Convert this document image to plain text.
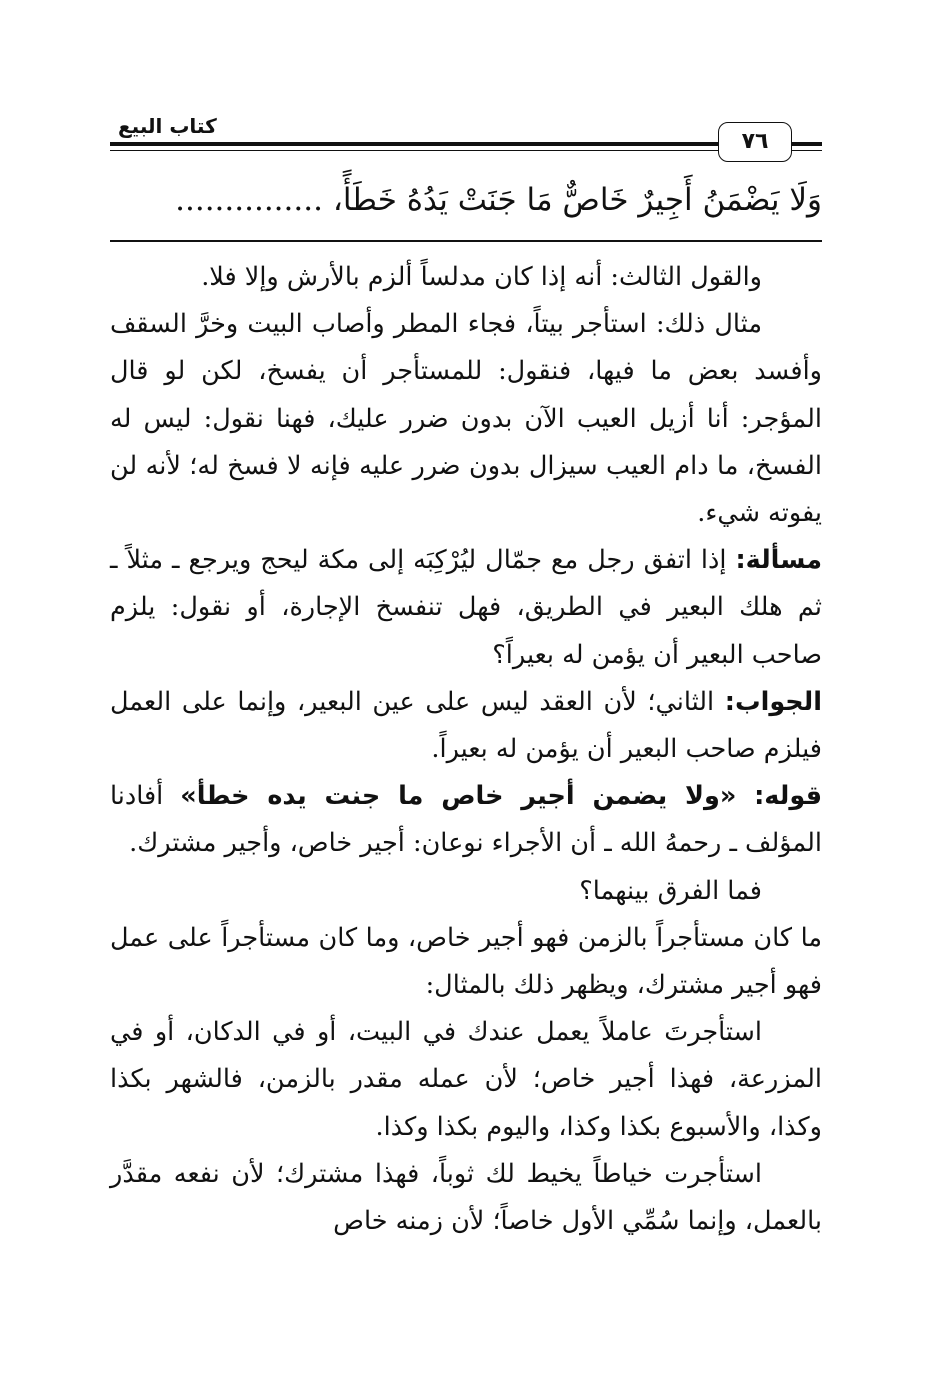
كتاب البيع
٧٦
وَلَا يَضْمَنُ أَجِيرٌ خَاصٌّ مَا جَنَتْ يَدُهُ خَطَأً، ...............

والقول الثالث: أنه إذا كان مدلساً ألزم بالأرش وإلا فلا.

مثال ذلك: استأجر بيتاً، فجاء المطر وأصاب البيت وخرَّ السقف وأفسد بعض ما فيها، فنقول: للمستأجر أن يفسخ، لكن لو قال المؤجر: أنا أزيل العيب الآن بدون ضرر عليك، فهنا نقول: ليس له الفسخ، ما دام العيب سيزال بدون ضرر عليه فإنه لا فسخ له؛ لأنه لن يفوته شيء.

مسألة: إذا اتفق رجل مع جمّال ليُرْكِبَه إلى مكة ليحج ويرجع ـ مثلاً ـ ثم هلك البعير في الطريق، فهل تنفسخ الإجارة، أو نقول: يلزم صاحب البعير أن يؤمن له بعيراً؟

الجواب: الثاني؛ لأن العقد ليس على عين البعير، وإنما على العمل فيلزم صاحب البعير أن يؤمن له بعيراً.

قوله: «ولا يضمن أجير خاص ما جنت يده خطأ» أفادنا المؤلف ـ رحمهُ الله ـ أن الأجراء نوعان: أجير خاص، وأجير مشترك.

فما الفرق بينهما؟

ما كان مستأجراً بالزمن فهو أجير خاص، وما كان مستأجراً على عمل فهو أجير مشترك، ويظهر ذلك بالمثال:

استأجرتَ عاملاً يعمل عندك في البيت، أو في الدكان، أو في المزرعة، فهذا أجير خاص؛ لأن عمله مقدر بالزمن، فالشهر بكذا وكذا، والأسبوع بكذا وكذا، واليوم بكذا وكذا.

استأجرت خياطاً يخيط لك ثوباً، فهذا مشترك؛ لأن نفعه مقدَّر بالعمل، وإنما سُمِّي الأول خاصاً؛ لأن زمنه خاص
